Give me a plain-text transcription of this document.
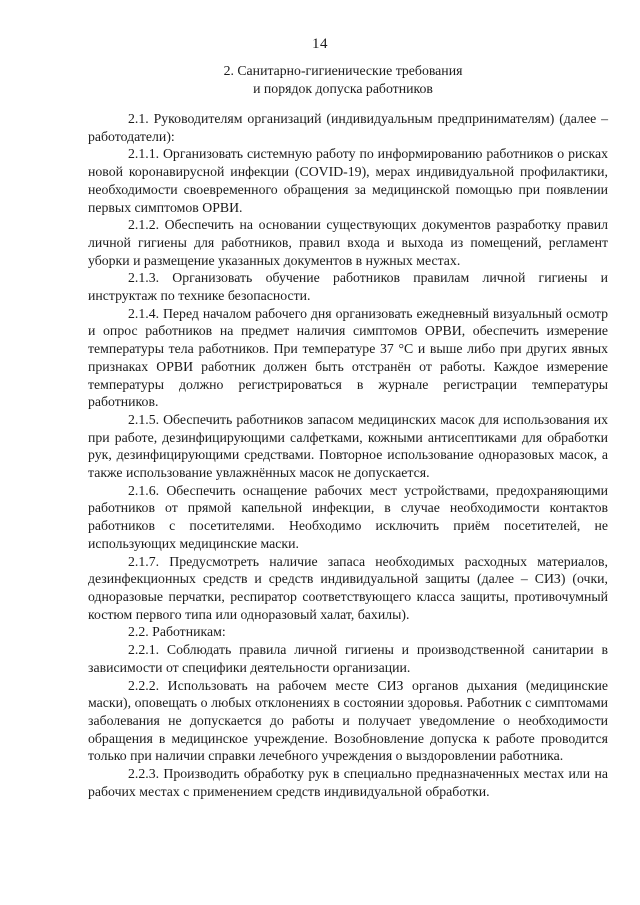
14
2. Санитарно-гигиенические требования
и порядок допуска работников

2.1. Руководителям организаций (индивидуальным предпринимателям) (далее – работодатели):

2.1.1. Организовать системную работу по информированию работников о рисках новой коронавирусной инфекции (COVID-19), мерах индивидуальной профилактики, необходимости своевременного обращения за медицинской помощью при появлении первых симптомов ОРВИ.

2.1.2. Обеспечить на основании существующих документов разработку правил личной гигиены для работников, правил входа и выхода из помещений, регламент уборки и размещение указанных документов в нужных местах.

2.1.3. Организовать обучение работников правилам личной гигиены и инструктаж по технике безопасности.

2.1.4. Перед началом рабочего дня организовать ежедневный визуальный осмотр и опрос работников на предмет наличия симптомов ОРВИ, обеспечить измерение температуры тела работников. При температуре 37 °С и выше либо при других явных признаках ОРВИ работник должен быть отстранён от работы. Каждое измерение температуры должно регистрироваться в журнале регистрации температуры работников.

2.1.5. Обеспечить работников запасом медицинских масок для использования их при работе, дезинфицирующими салфетками, кожными антисептиками для обработки рук, дезинфицирующими средствами. Повторное использование одноразовых масок, а также использование увлажнённых масок не допускается.

2.1.6. Обеспечить оснащение рабочих мест устройствами, предохраняющими работников от прямой капельной инфекции, в случае необходимости контактов работников с посетителями. Необходимо исключить приём посетителей, не использующих медицинские маски.

2.1.7. Предусмотреть наличие запаса необходимых расходных материалов, дезинфекционных средств и средств индивидуальной защиты (далее – СИЗ) (очки, одноразовые перчатки, респиратор соответствующего класса защиты, противочумный костюм первого типа или одноразовый халат, бахилы).

2.2. Работникам:

2.2.1. Соблюдать правила личной гигиены и производственной санитарии в зависимости от специфики деятельности организации.

2.2.2. Использовать на рабочем месте СИЗ органов дыхания (медицинские маски), оповещать о любых отклонениях в состоянии здоровья. Работник с симптомами заболевания не допускается до работы и получает уведомление о необходимости обращения в медицинское учреждение. Возобновление допуска к работе проводится только при наличии справки лечебного учреждения о выздоровлении работника.

2.2.3. Производить обработку рук в специально предназначенных местах или на рабочих местах с применением средств индивидуальной обработки.
